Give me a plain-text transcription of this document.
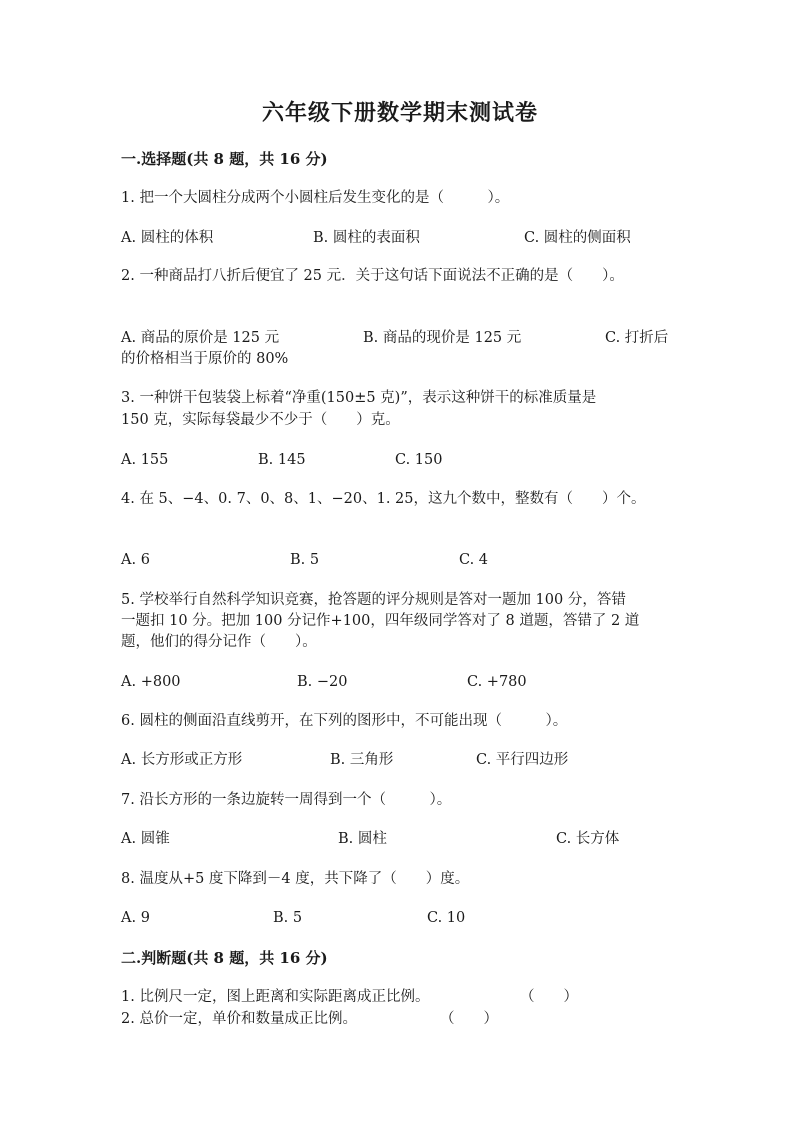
六年级下册数学期末测试卷
一.选择题(共 8 题，共 16 分)
1. 把一个大圆柱分成两个小圆柱后发生变化的是（　　　）。
A. 圆柱的体积	B. 圆柱的表面积	C. 圆柱的侧面积
2. 一种商品打八折后便宜了 25 元．关于这句话下面说法不正确的是（　　）。
A. 商品的原价是 125 元	B. 商品的现价是 125 元	C. 打折后
的价格相当于原价的 80%
3. 一种饼干包装袋上标着“净重(150±5 克)”，表示这种饼干的标准质量是
150 克，实际每袋最少不少于（　　）克。
A. 155	B. 145	C. 150
4. 在 5、−4、0. 7、0、8、1、−20、1. 25，这九个数中，整数有（　　）个。
A. 6	B. 5	C. 4
5. 学校举行自然科学知识竞赛，抢答题的评分规则是答对一题加 100 分，答错
一题扣 10 分。把加 100 分记作+100，四年级同学答对了 8 道题，答错了 2 道
题，他们的得分记作（　　）。
A. +800	B. −20	C. +780
6. 圆柱的侧面沿直线剪开，在下列的图形中，不可能出现（　　　）。
A. 长方形或正方形	B. 三角形	C. 平行四边形
7. 沿长方形的一条边旋转一周得到一个（　　　）。
A. 圆锥	B. 圆柱	C. 长方体
8. 温度从+5 度下降到－4 度，共下降了（　　）度。
A. 9	B. 5	C. 10
二.判断题(共 8 题，共 16 分)
1. 比例尺一定，图上距离和实际距离成正比例。	（　　）
2. 总价一定，单价和数量成正比例。	（　　）
